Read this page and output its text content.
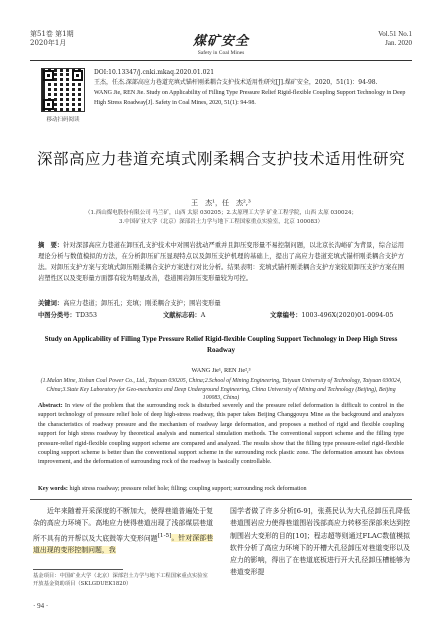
第51卷 第1期
2020年1月	煤矿安全
Safety in Coal Mines
Vol.51 No.1
Jan. 2020
移动扫码阅读
DOI:10.13347/j.cnki.mkaq.2020.01.021
王杰，任杰.深部高应力巷道充填式锚杆刚柔耦合支护技术适用性研究[J].煤矿安全，2020，51(1)：94-98.
WANG Jie, REN Jie. Study on Applicability of Filling Type Pressure Relief Rigid-flexible Coupling Support Technology in Deep High Stress Roadway[J]. Safety in Coal Mines, 2020, 51(1): 94-98.
深部高应力巷道充填式刚柔耦合支护技术适用性研究
王　杰¹，任　杰²,³
（1.西山煤电股份有限公司 马兰矿，山西 太原 030205；2.太原理工大学 矿业工程学院，山西 太原 030024；
3.中国矿业大学（北京）深部岩土力学与地下工程国家重点实验室，北京 100083）
摘　要：针对深部高应力巷道在卸压孔支护技术中对围岩扰动严重并且卸压变形量不易控制问题，以北京长沟峪矿为背景，综合运用理论分析与数值模拟的方法，在分析卸压矿压显现特点以及卸压支护机理的基础上，提出了高应力巷道充填式锚杆刚柔耦合支护方法。对卸压支护方案与充填式卸压刚柔耦合支护方案进行对比分析。结果表明：充填式锚杆刚柔耦合支护方案较原卸压支护方案在围岩塑性区以及变形量方面都有较为明显改善，巷道围岩卸压变形量较为可控。
关键词：高应力巷道；卸压孔；充填；刚柔耦合支护；围岩变形量
中图分类号：TD353	文献标志码：A	文章编号：1003-496X(2020)01-0094-05
Study on Applicability of Filling Type Pressure Relief Rigid-flexible Coupling Support Technology in Deep High Stress Roadway
WANG Jie¹, REN Jie²,³
(1.Malan Mine, Xishan Coal Power Co., Ltd., Taiyuan 030205, China;2.School of Mining Engineering, Taiyuan University of Technology, Taiyuan 030024, China;3.State Key Laboratory for Geo-mechanics and Deep Underground Engineering, China University of Mining and Technology (Beijing), Beijing 100083, China)
Abstract: In view of the problem that the surrounding rock is disturbed severely and the pressure relief deformation is difficult to control in the support technology of pressure relief hole of deep high-stress roadway, this paper takes Beijing Changgouyu Mine as the background and analyzes the characteristics of roadway pressure and the mechanism of roadway large deformation, and proposes a method of rigid and flexible coupling support for high stress roadway by theoretical analysis and numerical simulation methods. The conventional support scheme and the filling type pressure-relief rigid-flexible coupling support scheme are compared and analyzed. The results show that the filling type pressure-relief rigid-flexible coupling support scheme is better than the conventional support scheme in the surrounding rock plastic zone. The deformation amount has obvious improvement, and the deformation of surrounding rock of the roadway is basically controllable.
Key words: high stress roadway; pressure relief hole; filling; coupling support; surrounding rock deformation

近年来随着开采深度的不断加大，使得巷道普遍处于复杂的高应力环境下。高地应力使得巷道出现了浅部煤层巷道所不具有的开帮以及大底鼓等大变形问题[1-5]。针对深部巷道出现的变形控制问题，我

基金项目：中国矿业大学（北京）深部岩土力学与地下工程国家重点实验室开放基金资助项目（SKLGDUEK1820）
国学者做了许多分析[6-9]，张燕民认为大孔径卸压孔降低巷道围岩应力使得巷道围岩浅部高应力转移至深部来达到控制围岩大变形的目的[10]；程志超等则通过FLAC数值模拟软件分析了高应力环境下的开槽大孔径卸压对巷道变形以及应力的影响，得出了在巷道底板进行开大孔径卸压槽能够为巷道变形提
· 94 ·
